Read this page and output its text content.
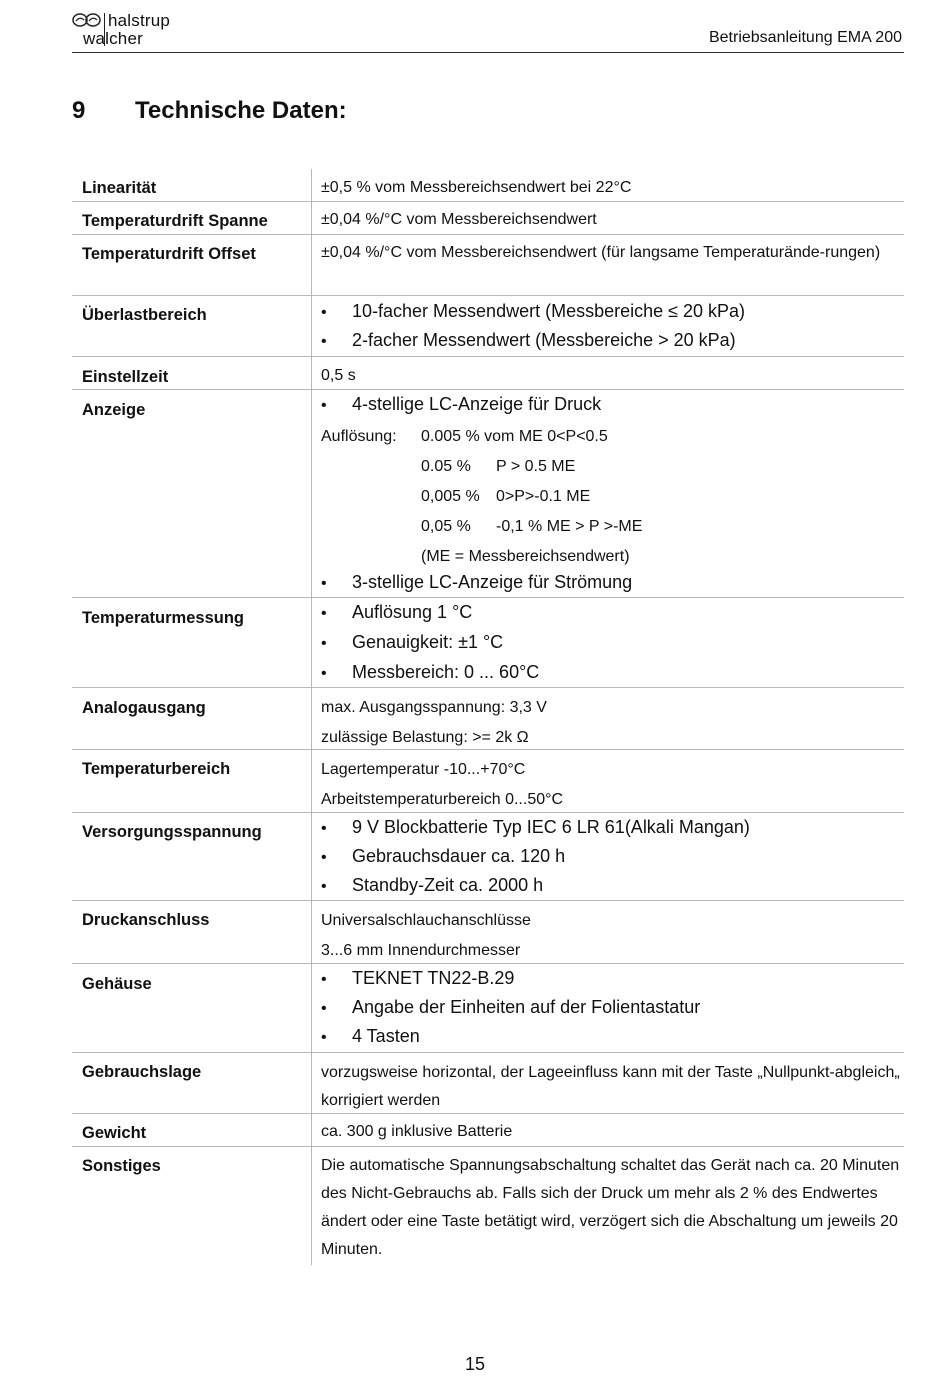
halstrup
walcher	Betriebsanleitung EMA 200
9 Technische Daten:
Linearität	±0,5 % vom Messbereichsendwert bei 22°C
Temperaturdrift Spanne	±0,04 %/°C vom Messbereichsendwert
Temperaturdrift Offset	±0,04 %/°C vom Messbereichsendwert (für langsame Temperaturände-rungen)
Überlastbereich	• 10-facher Messendwert (Messbereiche ≤ 20 kPa)
• 2-facher Messendwert (Messbereiche > 20 kPa)
Einstellzeit	0,5 s
Anzeige	• 4-stellige LC-Anzeige für Druck
Auflösung: 0.005 % vom ME 0<P<0.5
0.05 % P > 0.5 ME
0,005 % 0>P>-0.1 ME
0,05 % -0,1 % ME > P >-ME
(ME = Messbereichsendwert)
• 3-stellige LC-Anzeige für Strömung
Temperaturmessung	• Auflösung 1 °C
• Genauigkeit: ±1 °C
• Messbereich: 0 ... 60°C
Analogausgang	max. Ausgangsspannung: 3,3 V
zulässige Belastung: >= 2k Ω
Temperaturbereich	Lagertemperatur -10...+70°C
Arbeitstemperaturbereich 0...50°C
Versorgungsspannung	• 9 V Blockbatterie Typ IEC 6 LR 61(Alkali Mangan)
• Gebrauchsdauer ca. 120 h
• Standby-Zeit ca. 2000 h
Druckanschluss	Universalschlauchanschlüsse
3...6 mm Innendurchmesser
Gehäuse	• TEKNET TN22-B.29
• Angabe der Einheiten auf der Folientastatur
• 4 Tasten
Gebrauchslage	vorzugsweise horizontal, der Lageeinfluss kann mit der Taste „Nullpunkt-abgleich„ korrigiert werden
Gewicht	ca. 300 g inklusive Batterie
Sonstiges	Die automatische Spannungsabschaltung schaltet das Gerät nach ca. 20 Minuten des Nicht-Gebrauchs ab. Falls sich der Druck um mehr als 2 % des Endwertes ändert oder eine Taste betätigt wird, verzögert sich die Abschaltung um jeweils 20 Minuten.
15
